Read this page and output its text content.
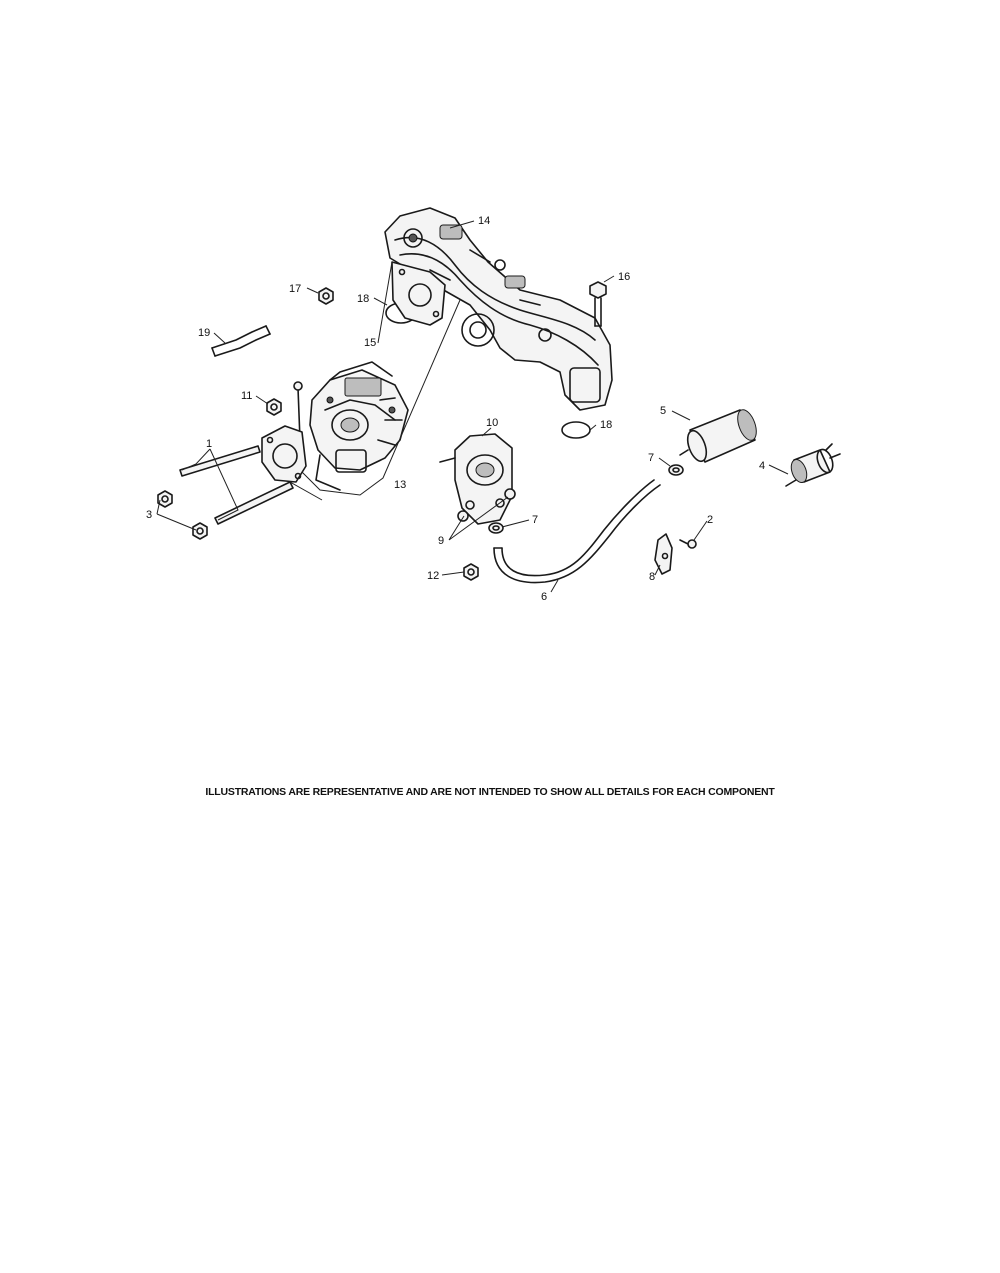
14
16
17
18
19
15
11
5
18
10
1
7
4
13
3	2
7
9
12	8
6
ILLUSTRATIONS ARE REPRESENTATIVE AND ARE NOT INTENDED TO SHOW ALL DETAILS FOR EACH COMPONENT
